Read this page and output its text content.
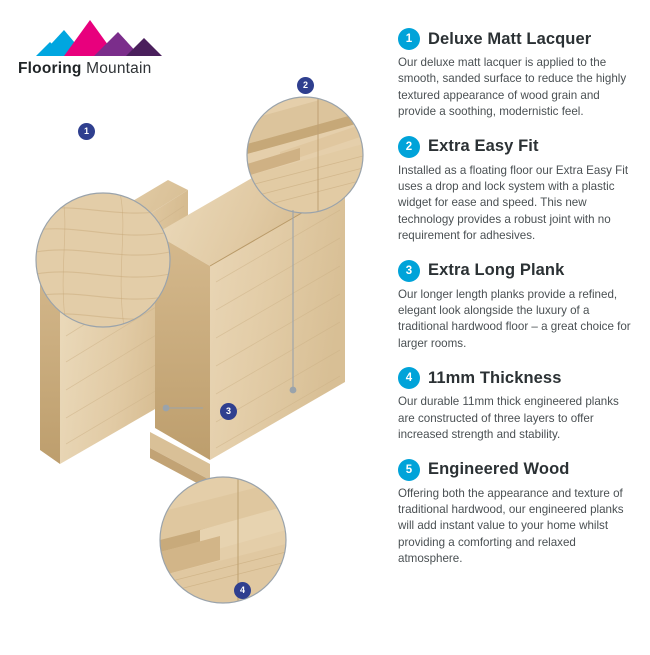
Flooring Mountain
1
2
3
4
1 Deluxe Matt Lacquer
Our deluxe matt lacquer is applied to the smooth, sanded surface to reduce the highly textured appearance of wood grain and provide a soothing, modernistic feel.
2 Extra Easy Fit
Installed as a floating floor our Extra Easy Fit uses a drop and lock system with a plastic widget for ease and speed. This new technology provides a robust joint with no requirement for adhesives.
3 Extra Long Plank
Our longer length planks provide a refined, elegant look alongside the luxury of a traditional hardwood floor – a great choice for larger rooms.
4 11mm Thickness
Our durable 11mm thick engineered planks are constructed of three layers to offer increased strength and stability.
5 Engineered Wood
Offering both the appearance and texture of traditional hardwood, our engineered planks will add instant value to your home whilst providing a comforting and relaxed atmosphere.
